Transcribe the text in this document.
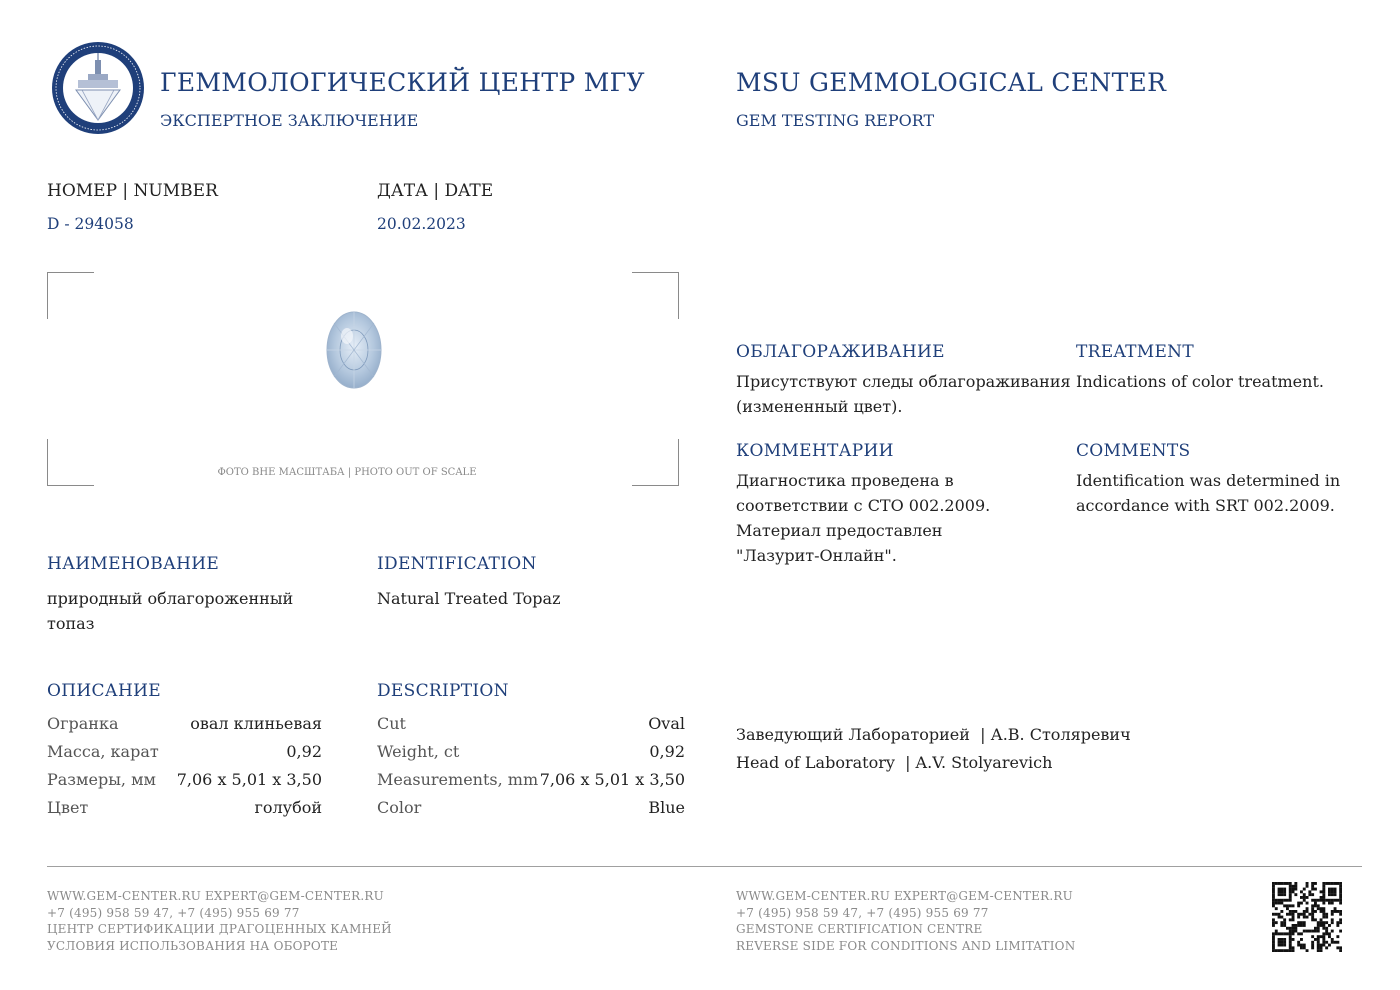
ГЕММОЛОГИЧЕСКИЙ ЦЕНТР МГУ
ЭКСПЕРТНОЕ ЗАКЛЮЧЕНИЕ
MSU GEMMOLOGICAL CENTER
GEM TESTING REPORT
НОМЕР | NUMBER
D - 294058
ДАТА | DATE
20.02.2023
ФОТО ВНЕ МАСШТАБА | PHOTO OUT OF SCALE
НАИМЕНОВАНИЕ
природный облагороженный
топаз
IDENTIFICATION
Natural Treated Topaz
ОПИСАНИЕ	DESCRIPTION
Огранка	овал клиньевая
Масса, карат	0,92
Размеры, мм 7,06 x 5,01 x 3,50
Цвет	голубой
Cut	Oval
Weight, ct	0,92
Measurements, mm 7,06 x 5,01 x 3,50
Color	Blue
ОБЛАГОРАЖИВАНИЕ
Присутствуют следы облагораживания
(измененный цвет).
TREATMENT
Indications of color treatment.
КОММЕНТАРИИ
Диагностика проведена в
соответствии с СТО 002.2009.
Материал предоставлен
"Лазурит-Онлайн".
COMMENTS
Identification was determined in
accordance with SRT 002.2009.
Заведующий Лабораторией  | А.В. Столяревич
Head of Laboratory  | A.V. Stolyarevich
WWW.GEM-CENTER.RU EXPERT@GEM-CENTER.RU
+7 (495) 958 59 47, +7 (495) 955 69 77
ЦЕНТР СЕРТИФИКАЦИИ ДРАГОЦЕННЫХ КАМНЕЙ
УСЛОВИЯ ИСПОЛЬЗОВАНИЯ НА ОБОРОТЕ
WWW.GEM-CENTER.RU EXPERT@GEM-CENTER.RU
+7 (495) 958 59 47, +7 (495) 955 69 77
GEMSTONE CERTIFICATION CENTRE
REVERSE SIDE FOR CONDITIONS AND LIMITATION
